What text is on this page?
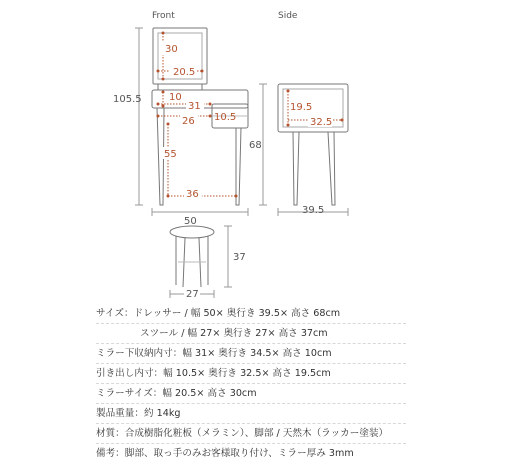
Front	Side
30
20.5
10
31
26 10.5
55
36
105.5
50
19.5
32.5
68
39.5
37
27
サイズ：ドレッサー / 幅 50× 奥行き 39.5× 高さ 68cm
スツール / 幅 27× 奥行き 27× 高さ 37cm
ミラー下収納内寸：幅 31× 奥行き 34.5× 高さ 10cm
引き出し内寸：幅 10.5× 奥行き 32.5× 高さ 19.5cm
ミラーサイズ：幅 20.5× 高さ 30cm
製品重量：約 14kg
材質：合成樹脂化粧板（メラミン）、脚部 / 天然木（ラッカー塗装）
備考：脚部、取っ手のみお客様取り付け、ミラー厚み 3mm
